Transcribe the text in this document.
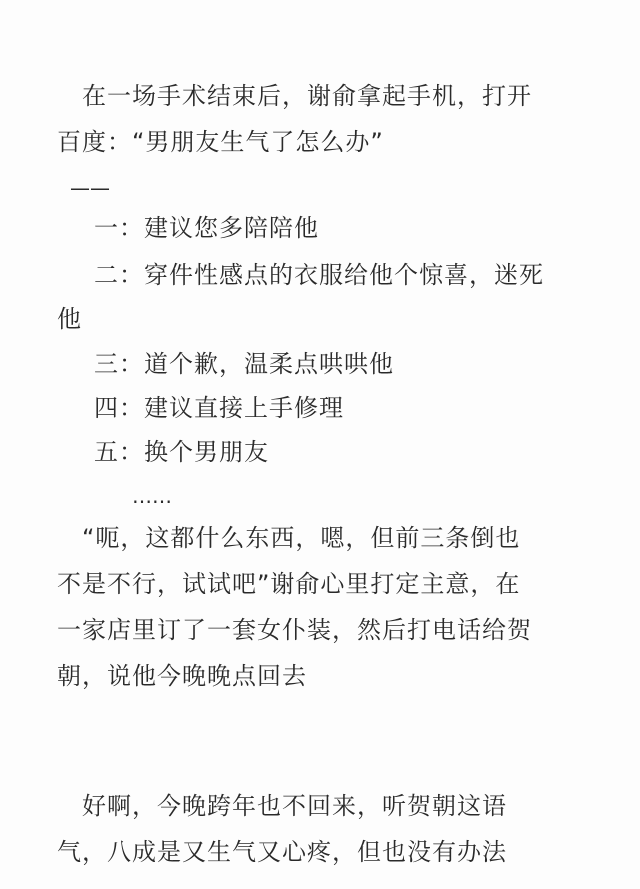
在一场手术结束后，谢俞拿起手机，打开
百度：“男朋友生气了怎么办”
——
一：建议您多陪陪他
二：穿件性感点的衣服给他个惊喜，迷死
他
三：道个歉，温柔点哄哄他
四：建议直接上手修理
五：换个男朋友
……
“呃，这都什么东西，嗯，但前三条倒也
不是不行，试试吧”谢俞心里打定主意，在
一家店里订了一套女仆装，然后打电话给贺
朝，说他今晚晚点回去
好啊，今晚跨年也不回来，听贺朝这语
气，八成是又生气又心疼，但也没有办法
